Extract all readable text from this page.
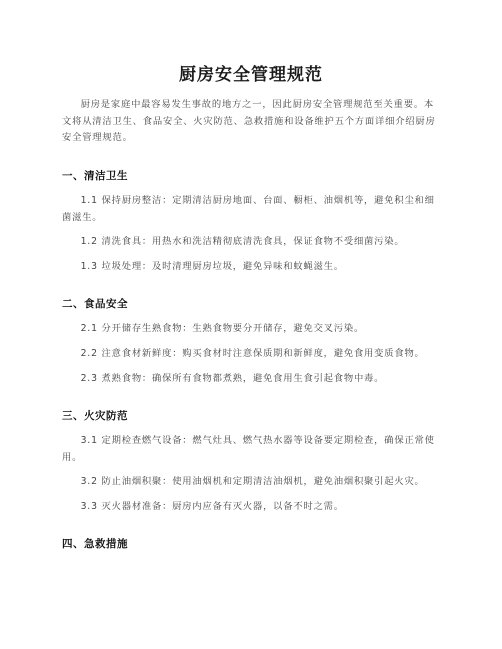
厨房安全管理规范
厨房是家庭中最容易发生事故的地方之一，因此厨房安全管理规范至关重要。本文将从清洁卫生、食品安全、火灾防范、急救措施和设备维护五个方面详细介绍厨房安全管理规范。
一、清洁卫生
1.1 保持厨房整洁：定期清洁厨房地面、台面、橱柜、油烟机等，避免积尘和细菌滋生。
1.2 清洗食具：用热水和洗洁精彻底清洗食具，保证食物不受细菌污染。
1.3 垃圾处理：及时清理厨房垃圾，避免异味和蚊蝇滋生。
二、食品安全
2.1 分开储存生熟食物：生熟食物要分开储存，避免交叉污染。
2.2 注意食材新鲜度：购买食材时注意保质期和新鲜度，避免食用变质食物。
2.3 煮熟食物：确保所有食物都煮熟，避免食用生食引起食物中毒。
三、火灾防范
3.1 定期检查燃气设备：燃气灶具、燃气热水器等设备要定期检查，确保正常使用。
3.2 防止油烟积聚：使用油烟机和定期清洁油烟机，避免油烟积聚引起火灾。
3.3 灭火器材准备：厨房内应备有灭火器，以备不时之需。
四、急救措施
